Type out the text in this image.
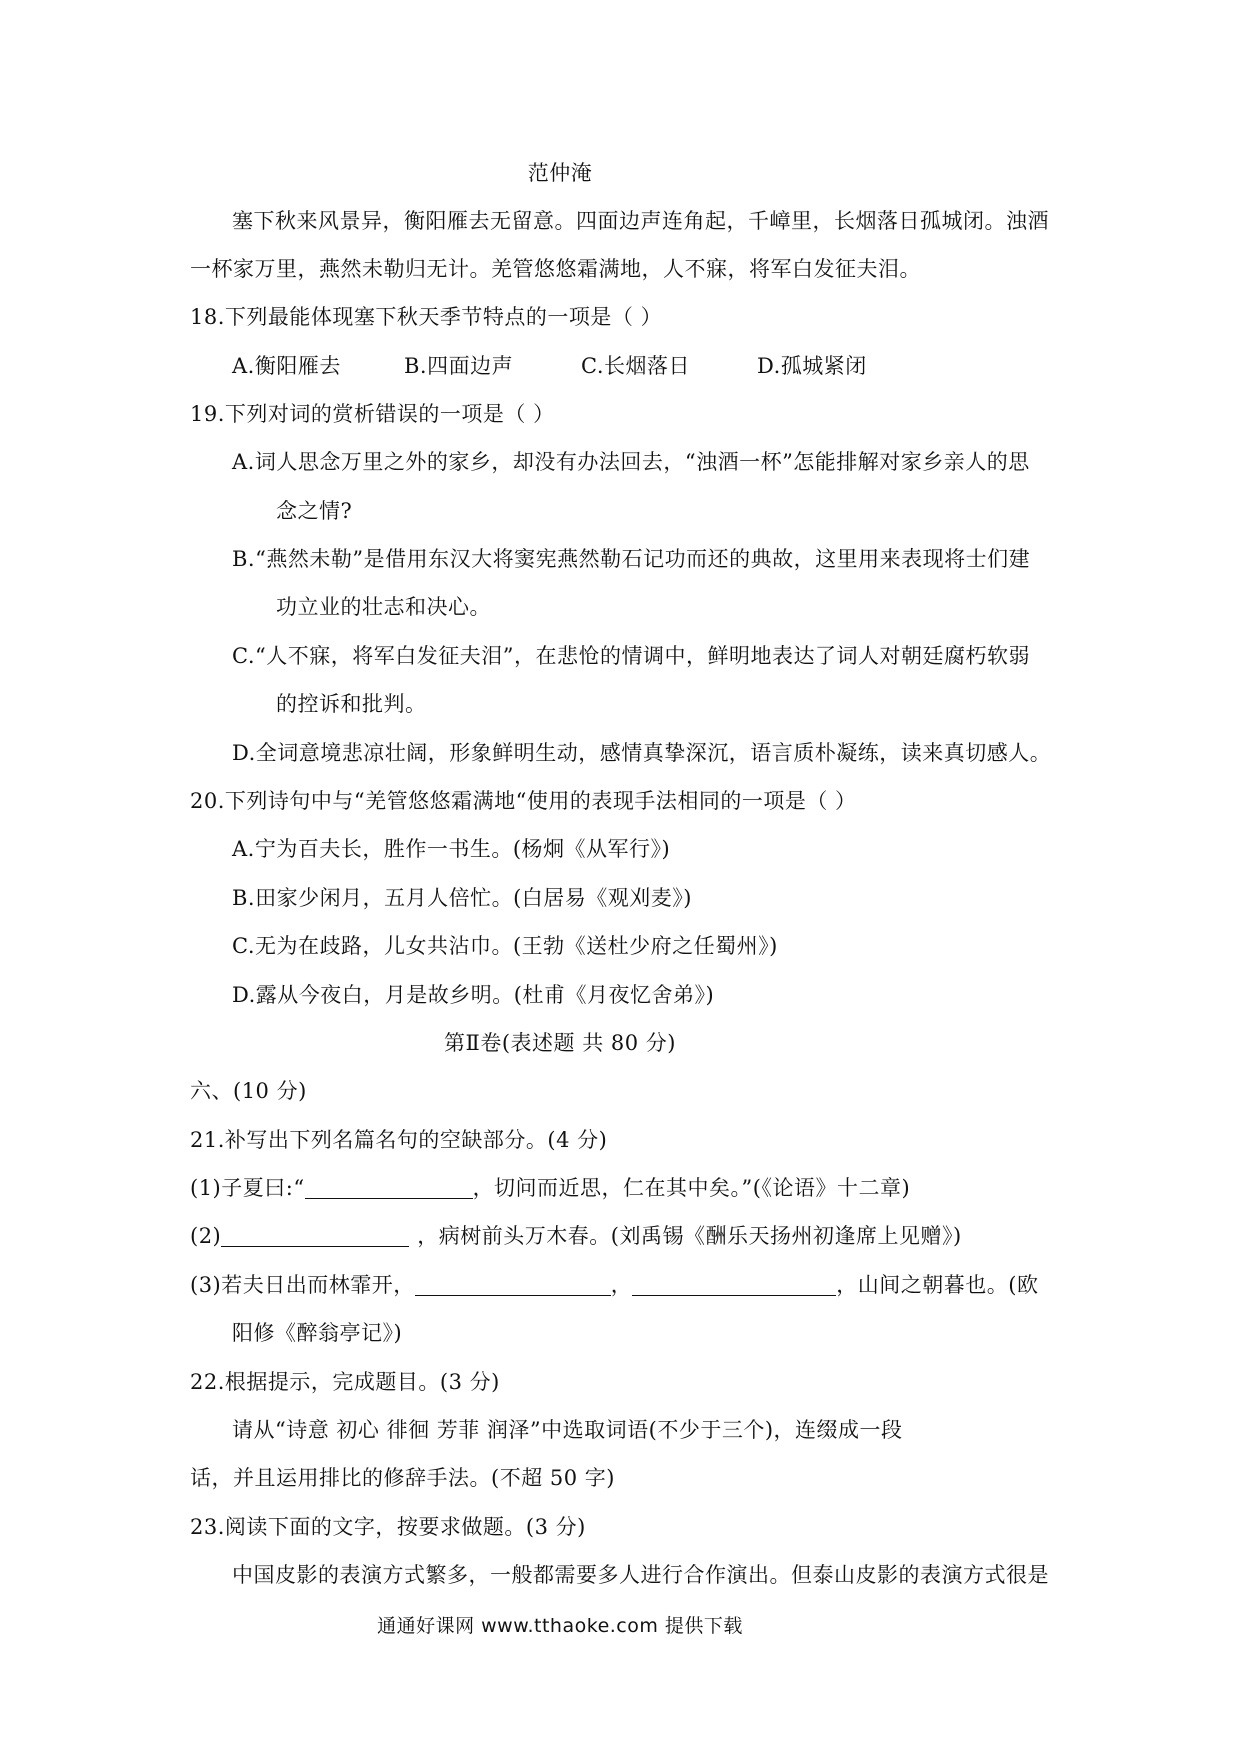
范仲淹
塞下秋来风景异，衡阳雁去无留意。四面边声连角起，千嶂里，长烟落日孤城闭。浊酒
一杯家万里，燕然未勒归无计。羌管悠悠霜满地，人不寐，将军白发征夫泪。
18.下列最能体现塞下秋天季节特点的一项是（ ）
A.衡阳雁去	B.四面边声	C.长烟落日	D.孤城紧闭
19.下列对词的赏析错误的一项是（ ）
A.词人思念万里之外的家乡，却没有办法回去，“浊酒一杯”怎能排解对家乡亲人的思
念之情?
B.“燕然未勒”是借用东汉大将窦宪燕然勒石记功而还的典故，这里用来表现将士们建
功立业的壮志和决心。
C.“人不寐，将军白发征夫泪”，在悲怆的情调中，鲜明地表达了词人对朝廷腐朽软弱
的控诉和批判。
D.全词意境悲凉壮阔，形象鲜明生动，感情真挚深沉，语言质朴凝练，读来真切感人。
20.下列诗句中与“羌管悠悠霜满地“使用的表现手法相同的一项是（ ）
A.宁为百夫长，胜作一书生。(杨炯《从军行》)
B.田家少闲月，五月人倍忙。(白居易《观刈麦》)
C.无为在歧路，儿女共沾巾。(王勃《送杜少府之任蜀州》)
D.露从今夜白，月是故乡明。(杜甫《月夜忆舍弟》)
第Ⅱ卷(表述题 共 80 分)
六、(10 分)
21.补写出下列名篇名句的空缺部分。(4 分)
(1)子夏曰:“	，切问而近思，仁在其中矣。”(《论语》十二章)
(2)	，病树前头万木春。(刘禹锡《酬乐天扬州初逢席上见赠》)
(3)若夫日出而林霏开，	，	，山间之朝暮也。(欧
阳修《醉翁亭记》)
22.根据提示，完成题目。(3 分)
请从“诗意 初心 徘徊 芳菲 润泽”中选取词语(不少于三个)，连缀成一段
话，并且运用排比的修辞手法。(不超 50 字)
23.阅读下面的文字，按要求做题。(3 分)
中国皮影的表演方式繁多，一般都需要多人进行合作演出。但泰山皮影的表演方式很是
通通好课网 www.tthaoke.com 提供下载
